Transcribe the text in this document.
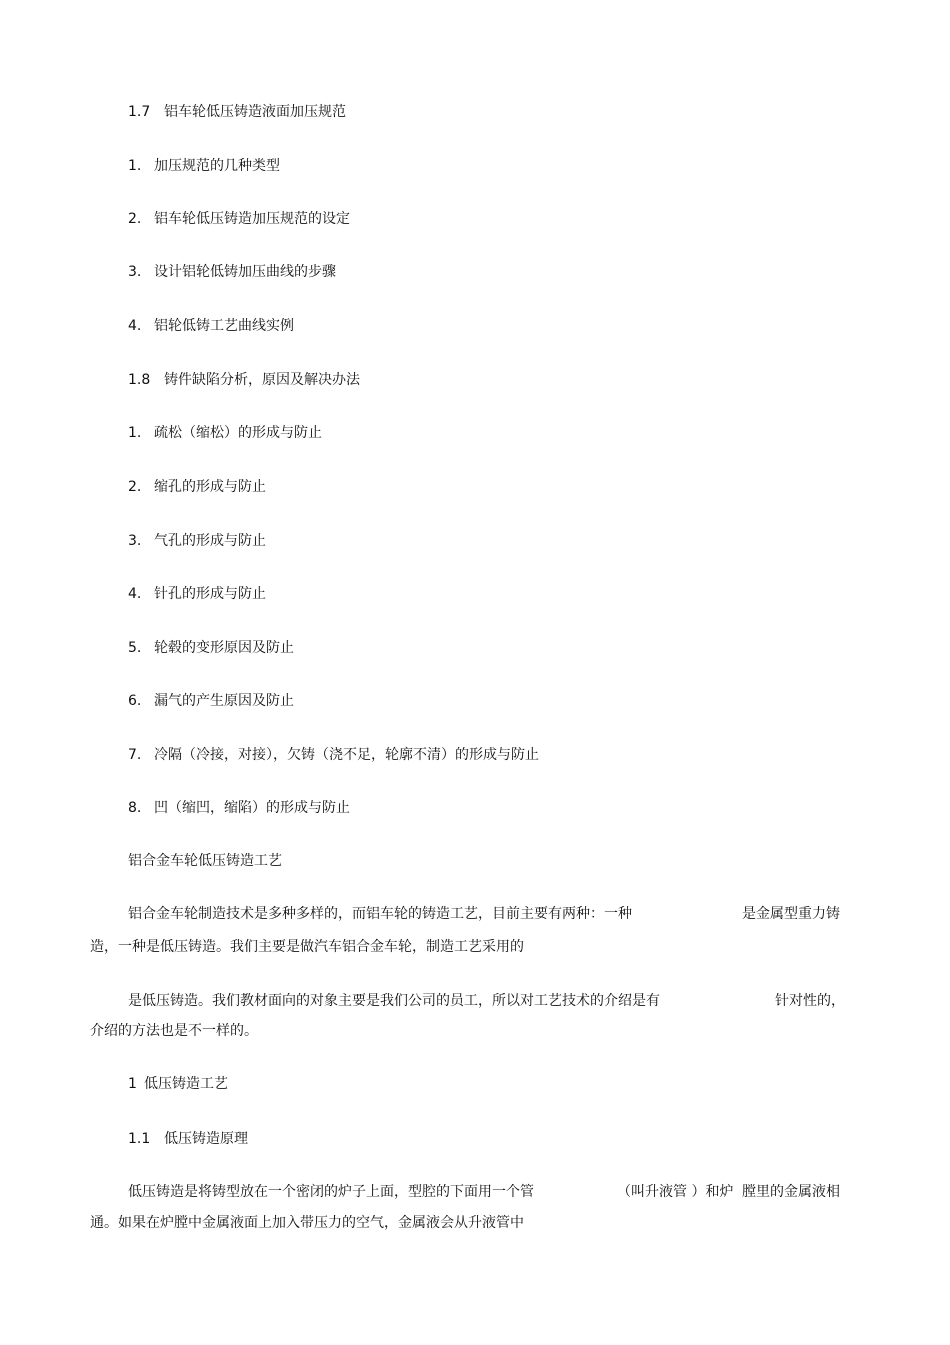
1.7 铝车轮低压铸造液面加压规范
1. 加压规范的几种类型
2. 铝车轮低压铸造加压规范的设定
3. 设计铝轮低铸加压曲线的步骤
4. 铝轮低铸工艺曲线实例
1.8 铸件缺陷分析，原因及解决办法
1. 疏松（缩松）的形成与防止
2. 缩孔的形成与防止
3. 气孔的形成与防止
4. 针孔的形成与防止
5. 轮毂的变形原因及防止
6. 漏气的产生原因及防止
7. 冷隔（冷接，对接），欠铸（浇不足，轮廓不清）的形成与防止
8. 凹（缩凹，缩陷）的形成与防止
铝合金车轮低压铸造工艺
铝合金车轮制造技术是多种多样的，而铝车轮的铸造工艺，目前主要有两种：一种	是金属型重力铸
造，一种是低压铸造。我们主要是做汽车铝合金车轮，制造工艺采用的
是低压铸造。我们教材面向的对象主要是我们公司的员工，所以对工艺技术的介绍是有	针对性的，
介绍的方法也是不一样的。
1 低压铸造工艺
1.1 低压铸造原理
低压铸造是将铸型放在一个密闭的炉子上面，型腔的下面用一个管	（叫升液管 ）和炉 膛里的金属液相
通。如果在炉膛中金属液面上加入带压力的空气，金属液会从升液管中
